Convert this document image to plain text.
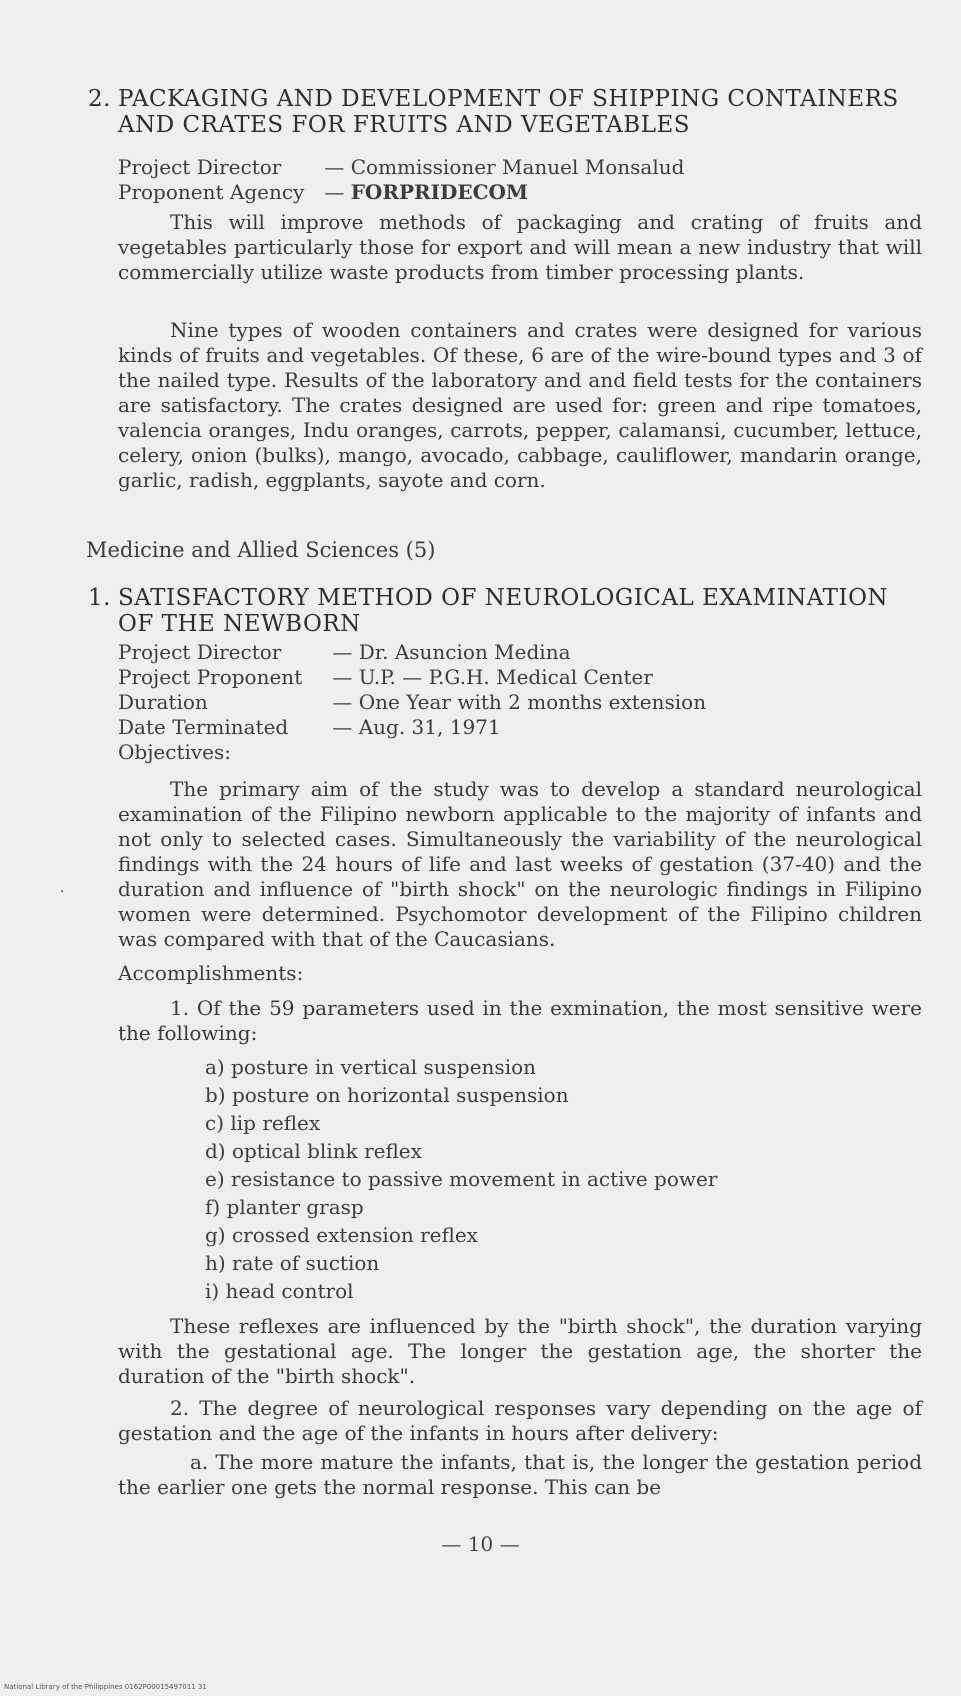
2. PACKAGING AND DEVELOPMENT OF SHIPPING CONTAINERS
AND CRATES FOR FRUITS AND VEGETABLES
Project Director — Commissioner Manuel Monsalud
Proponent Agency — FORPRIDECOM

This will improve methods of packaging and crating of fruits and vegetables particularly those for export and will mean a new industry that will commercially utilize waste products from timber processing plants.

Nine types of wooden containers and crates were designed for various kinds of fruits and vegetables. Of these, 6 are of the wire-bound types and 3 of the nailed type. Results of the laboratory and and field tests for the containers are satisfactory. The crates designed are used for: green and ripe tomatoes, valencia oranges, Indu oranges, carrots, pepper, calamansi, cucumber, lettuce, celery, onion (bulks), mango, avocado, cabbage, cauliflower, mandarin orange, garlic, radish, eggplants, sayote and corn.

Medicine and Allied Sciences (5)
1. SATISFACTORY METHOD OF NEUROLOGICAL EXAMINATION
OF THE NEWBORN
Project Director — Dr. Asuncion Medina
Project Proponent — U.P. — P.G.H. Medical Center
Duration	— One Year with 2 months extension
Date Terminated — Aug. 31, 1971
Objectives:
⸱

The primary aim of the study was to develop a standard neurological examination of the Filipino newborn applicable to the majority of infants and not only to selected cases. Simultaneously the variability of the neurological findings with the 24 hours of life and last weeks of gestation (37-40) and the duration and influence of "birth shock" on the neurologic findings in Filipino women were determined. Psychomotor development of the Filipino children was compared with that of the Caucasians.

Accomplishments:

1. Of the 59 parameters used in the exmination, the most sensitive were the following:

a) posture in vertical suspension
b) posture on horizontal suspension
c) lip reflex
d) optical blink reflex
e) resistance to passive movement in active power
f) planter grasp
g) crossed extension reflex
h) rate of suction
i) head control

These reflexes are influenced by the "birth shock", the duration varying with the gestational age. The longer the gestation age, the shorter the duration of the "birth shock".

2. The degree of neurological responses vary depending on the age of gestation and the age of the infants in hours after delivery:

a. The more mature the infants, that is, the longer the gestation period the earlier one gets the normal response. This can be

— 10 —
National Library of the Philippines 0162P00015497011 31
